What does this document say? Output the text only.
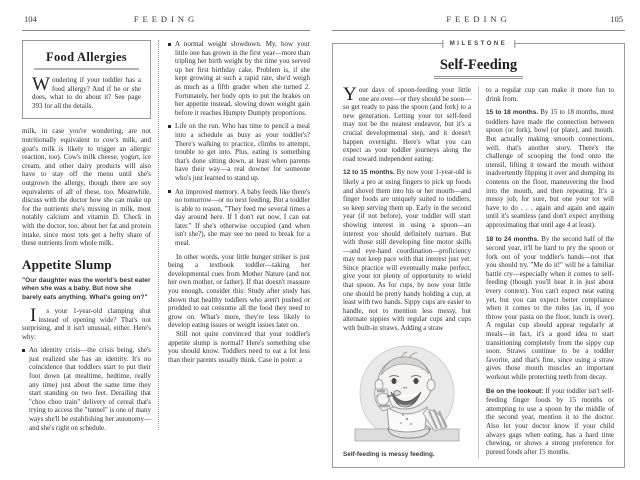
104	FEEDING
Food Allergies

Wondering if your toddler has a food allergy? And if he or she does, what to do about it? See page 393 for all the details.

milk, in case you're wondering, are not nutritionally equivalent to cow's milk, and goat's milk is likely to trigger an allergic reaction, too). Cow's milk cheese, yogurt, ice cream, and other dairy products will also have to stay off the menu until she's outgrown the allergy, though there are soy equivalents of all of these, too. Meanwhile, discuss with the doctor how she can make up for the nutrients she's missing in milk, most notably calcium and vitamin D. Check in with the doctor, too, about her fat and protein intake, since most tots get a hefty share of these nutrients from whole milk.

Appetite Slump

"Our daughter was the world's best eater when she was a baby. But now she barely eats anything. What's going on?"

I s your 1-year-old clamping shut instead of opening wide? That's not surprising, and it isn't unusual, either. Here's why:

An identity crisis—the crisis being, she's just realized she has an identity. It's no coincidence that toddlers start to put their foot down (at mealtime, bedtime, really any time) just about the same time they start standing on two feet. Derailing that "choo choo train" delivery of cereal that's trying to access the "tunnel" is one of many ways she'll be establishing her autonomy—and she's right on schedule.

A normal weight slowdown. My, how your little one has grown in the first year—more than tripling her birth weight by the time you served up her first birthday cake. Problem is, if she kept growing at such a rapid rate, she'd weigh as much as a fifth grader when she turned 2. Fortunately, her body opts to put the brakes on her appetite instead, slowing down weight gain before it reaches Humpty Dumpty proportions.

Life on the run. Who has time to pencil a meal into a schedule as busy as your toddler's? There's walking to practice, climbs to attempt, trouble to get into. Plus, eating is something that's done sitting down, at least when parents have their way—a real downer for someone who's just learned to stand up.

An improved memory. A baby feeds like there's no tomorrow—or no next feeding. But a toddler is able to reason, "They feed me several times a day around here. If I don't eat now, I can eat later." If she's otherwise occupied (and when isn't she?), she may see no need to break for a meal.

In other words, your little hunger striker is just being a textbook toddler—taking her developmental cues from Mother Nature (and not her own mother, or father). If that doesn't reassure you enough, consider this: Study after study has shown that healthy toddlers who aren't pushed or prodded to eat consume all the food they need to grow on. What's more, they're less likely to develop eating issues or weight issues later on.

Still not quite convinced that your toddler's appetite slump is normal? Here's something else you should know. Toddlers need to eat a lot less than their parents usually think. Case in point: a

FEEDING	105
MILESTONE
Self-Feeding

Your days of spoon-feeding your little one are over—or they should be soon—so get ready to pass the spoon (and fork) to a new generation. Letting your tot self-feed may not be the neatest endeavor, but it's a crucial developmental step, and it doesn't happen overnight. Here's what you can expect as your toddler journeys along the road toward independent eating:

12 to 15 months. By now your 1-year-old is likely a pro at using fingers to pick up foods and shovel them into his or her mouth—and finger foods are uniquely suited to toddlers, so keep serving them up. Early in the second year (if not before), your toddler will start showing interest in using a spoon—an interest you should definitely nurture. But with those still developing fine motor skills—and eye-hand coordination—proficiency may not keep pace with that interest just yet. Since practice will eventually make perfect, give your tot plenty of opportunity to wield that spoon. As for cups, by now your little one should be pretty handy holding a cup, at least with two hands. Sippy cups are easier to handle, not to mention less messy, but alternate sippies with regular cups and cups with built-in straws. Adding a straw

Self-feeding is messy feeding.

to a regular cup can make it more fun to drink from.

15 to 18 months. By 15 to 18 months, most toddlers have made the connection between spoon (or fork), bowl (or plate), and mouth. But actually making smooth connections, well, that's another story. There's the challenge of scooping the food onto the utensil, lifting it toward the mouth without inadvertently flipping it over and dumping its contents on the floor, maneuvering the food into the mouth, and then repeating. It's a messy job, for sure, but one your tot will have to do . . . again and again and again until it's seamless (and don't expect anything approximating that until age 4 at least).

18 to 24 months. By the second half of the second year, it'll be hard to pry the spoon or fork out of your toddler's hands—not that you should try. "Me do it!" will be a familiar battle cry—especially when it comes to self-feeding (though you'll hear it in just about every context). You can't expect neat eating yet, but you can expect better compliance when it comes to the rules (as in, if you throw your pasta on the floor, lunch is over). A regular cup should appear regularly at meals—in fact, it's a good idea to start transitioning completely from the sippy cup soon. Straws continue to be a toddler favorite, and that's fine, since using a straw gives those mouth muscles an important workout while protecting teeth from decay.

Be on the lookout: If your toddler isn't self-feeding finger foods by 15 months or attempting to use a spoon by the middle of the second year, mention it to the doctor. Also let your doctor know if your child always gags when eating, has a hard time chewing, or shows a strong preference for pureed foods after 15 months.
